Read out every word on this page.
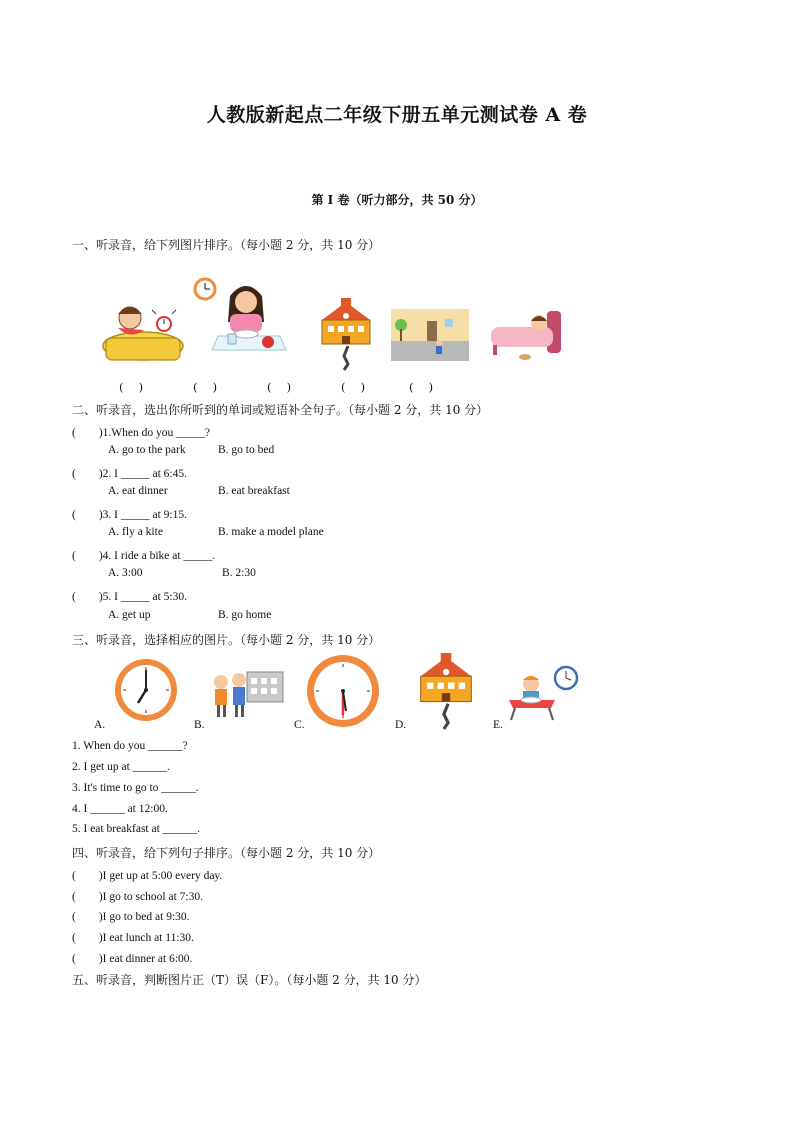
人教版新起点二年级下册五单元测试卷 A 卷
第 I 卷（听力部分，共 50 分）
一、听录音，给下列图片排序。（每小题 2 分，共 10 分）
(　 )	(　 )	(　 )	(　 )	(　 )
二、听录音，选出你所听到的单词或短语补全句子。（每小题 2 分，共 10 分）
(　　)1.When do you _____?
A. go to the park	B. go to bed
(　　)2. I _____ at 6:45.
A. eat dinner	B. eat breakfast
(　　)3. I _____ at 9:15.
A. fly a kite	B. make a model plane
(　　)4. I ride a bike at _____.
A. 3:00	B. 2:30
(　　)5. I _____ at 5:30.
A. get up	B. go home
三、听录音，选择相应的图片。（每小题 2 分，共 10 分）
A.	B.	C.	D.	E.
1. When do you ______?
2. I get up at ______.
3. It's time to go to ______.
4. I ______ at 12:00.
5. I eat breakfast at ______.
四、听录音，给下列句子排序。（每小题 2 分，共 10 分）
(　　)I get up at 5:00 every day.
(　　)I go to school at 7:30.
(　　)I go to bed at 9:30.
(　　)I eat lunch at 11:30.
(　　)I eat dinner at 6:00.
五、听录音，判断图片正（T）误（F）。（每小题 2 分，共 10 分）
